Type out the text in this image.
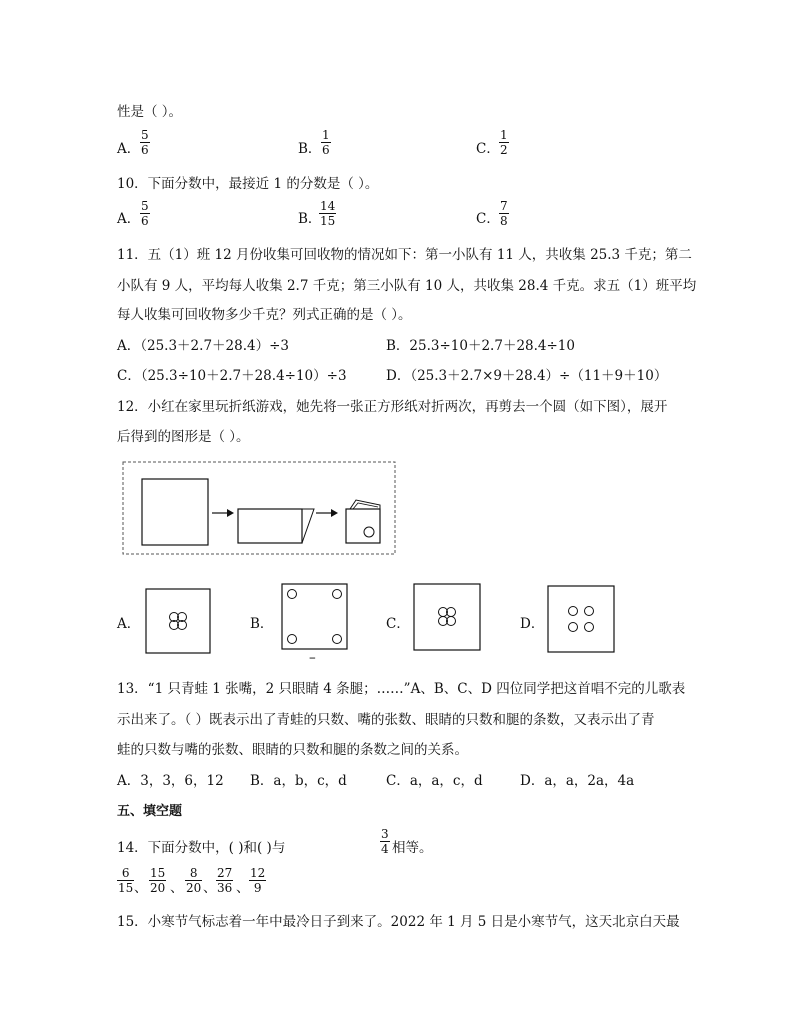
性是（ ）。
A． $\frac{5}{6}$	B． $\frac{1}{6}$	C． $\frac{1}{2}$
10．下面分数中，最接近 1 的分数是（ ）。
A． $\frac{5}{6}$	B．
$\frac{14}{15}$	C． $\frac{7}{8}$
11．五（1）班 12 月份收集可回收物的情况如下：第一小队有 11 人，共收集 25.3 千克；第二
小队有 9 人，平均每人收集 2.7 千克；第三小队有 10 人，共收集 28.4 千克。求五（1）班平均
每人收集可回收物多少千克？列式正确的是（ ）。
A．（25.3＋2.7＋28.4）÷3	B．25.3÷10＋2.7＋28.4÷10
C．（25.3÷10＋2.7＋28.4÷10）÷3	D．（25.3＋2.7×9＋28.4）÷（11＋9＋10）
12．小红在家里玩折纸游戏，她先将一张正方形纸对折两次，再剪去一个圆（如下图），展开
后得到的图形是（ ）。
A．	B．	C．	D．
–
13．“1 只青蛙 1 张嘴，2 只眼睛 4 条腿；……”A、B、C、D 四位同学把这首唱不完的儿歌表
示出来了。（ ）既表示出了青蛙的只数、嘴的张数、眼睛的只数和腿的条数，又表示出了青
蛙的只数与嘴的张数、眼睛的只数和腿的条数之间的关系。
A．3，3，6，12 B．a，b，c，d	C．a，a，c，d	D．a，a，2a，4a
五、填空题
14．下面分数中，( )和( )与	$\frac{3}{4}$ 相等。
$\frac{6}{15}$ 、 $\frac{15}{20}$ 、 $\frac{8}{20}$ 、 $\frac{27}{36}$ 、 $\frac{12}{9}$
15．小寒节气标志着一年中最冷日子到来了。2022 年 1 月 5 日是小寒节气，这天北京白天最
